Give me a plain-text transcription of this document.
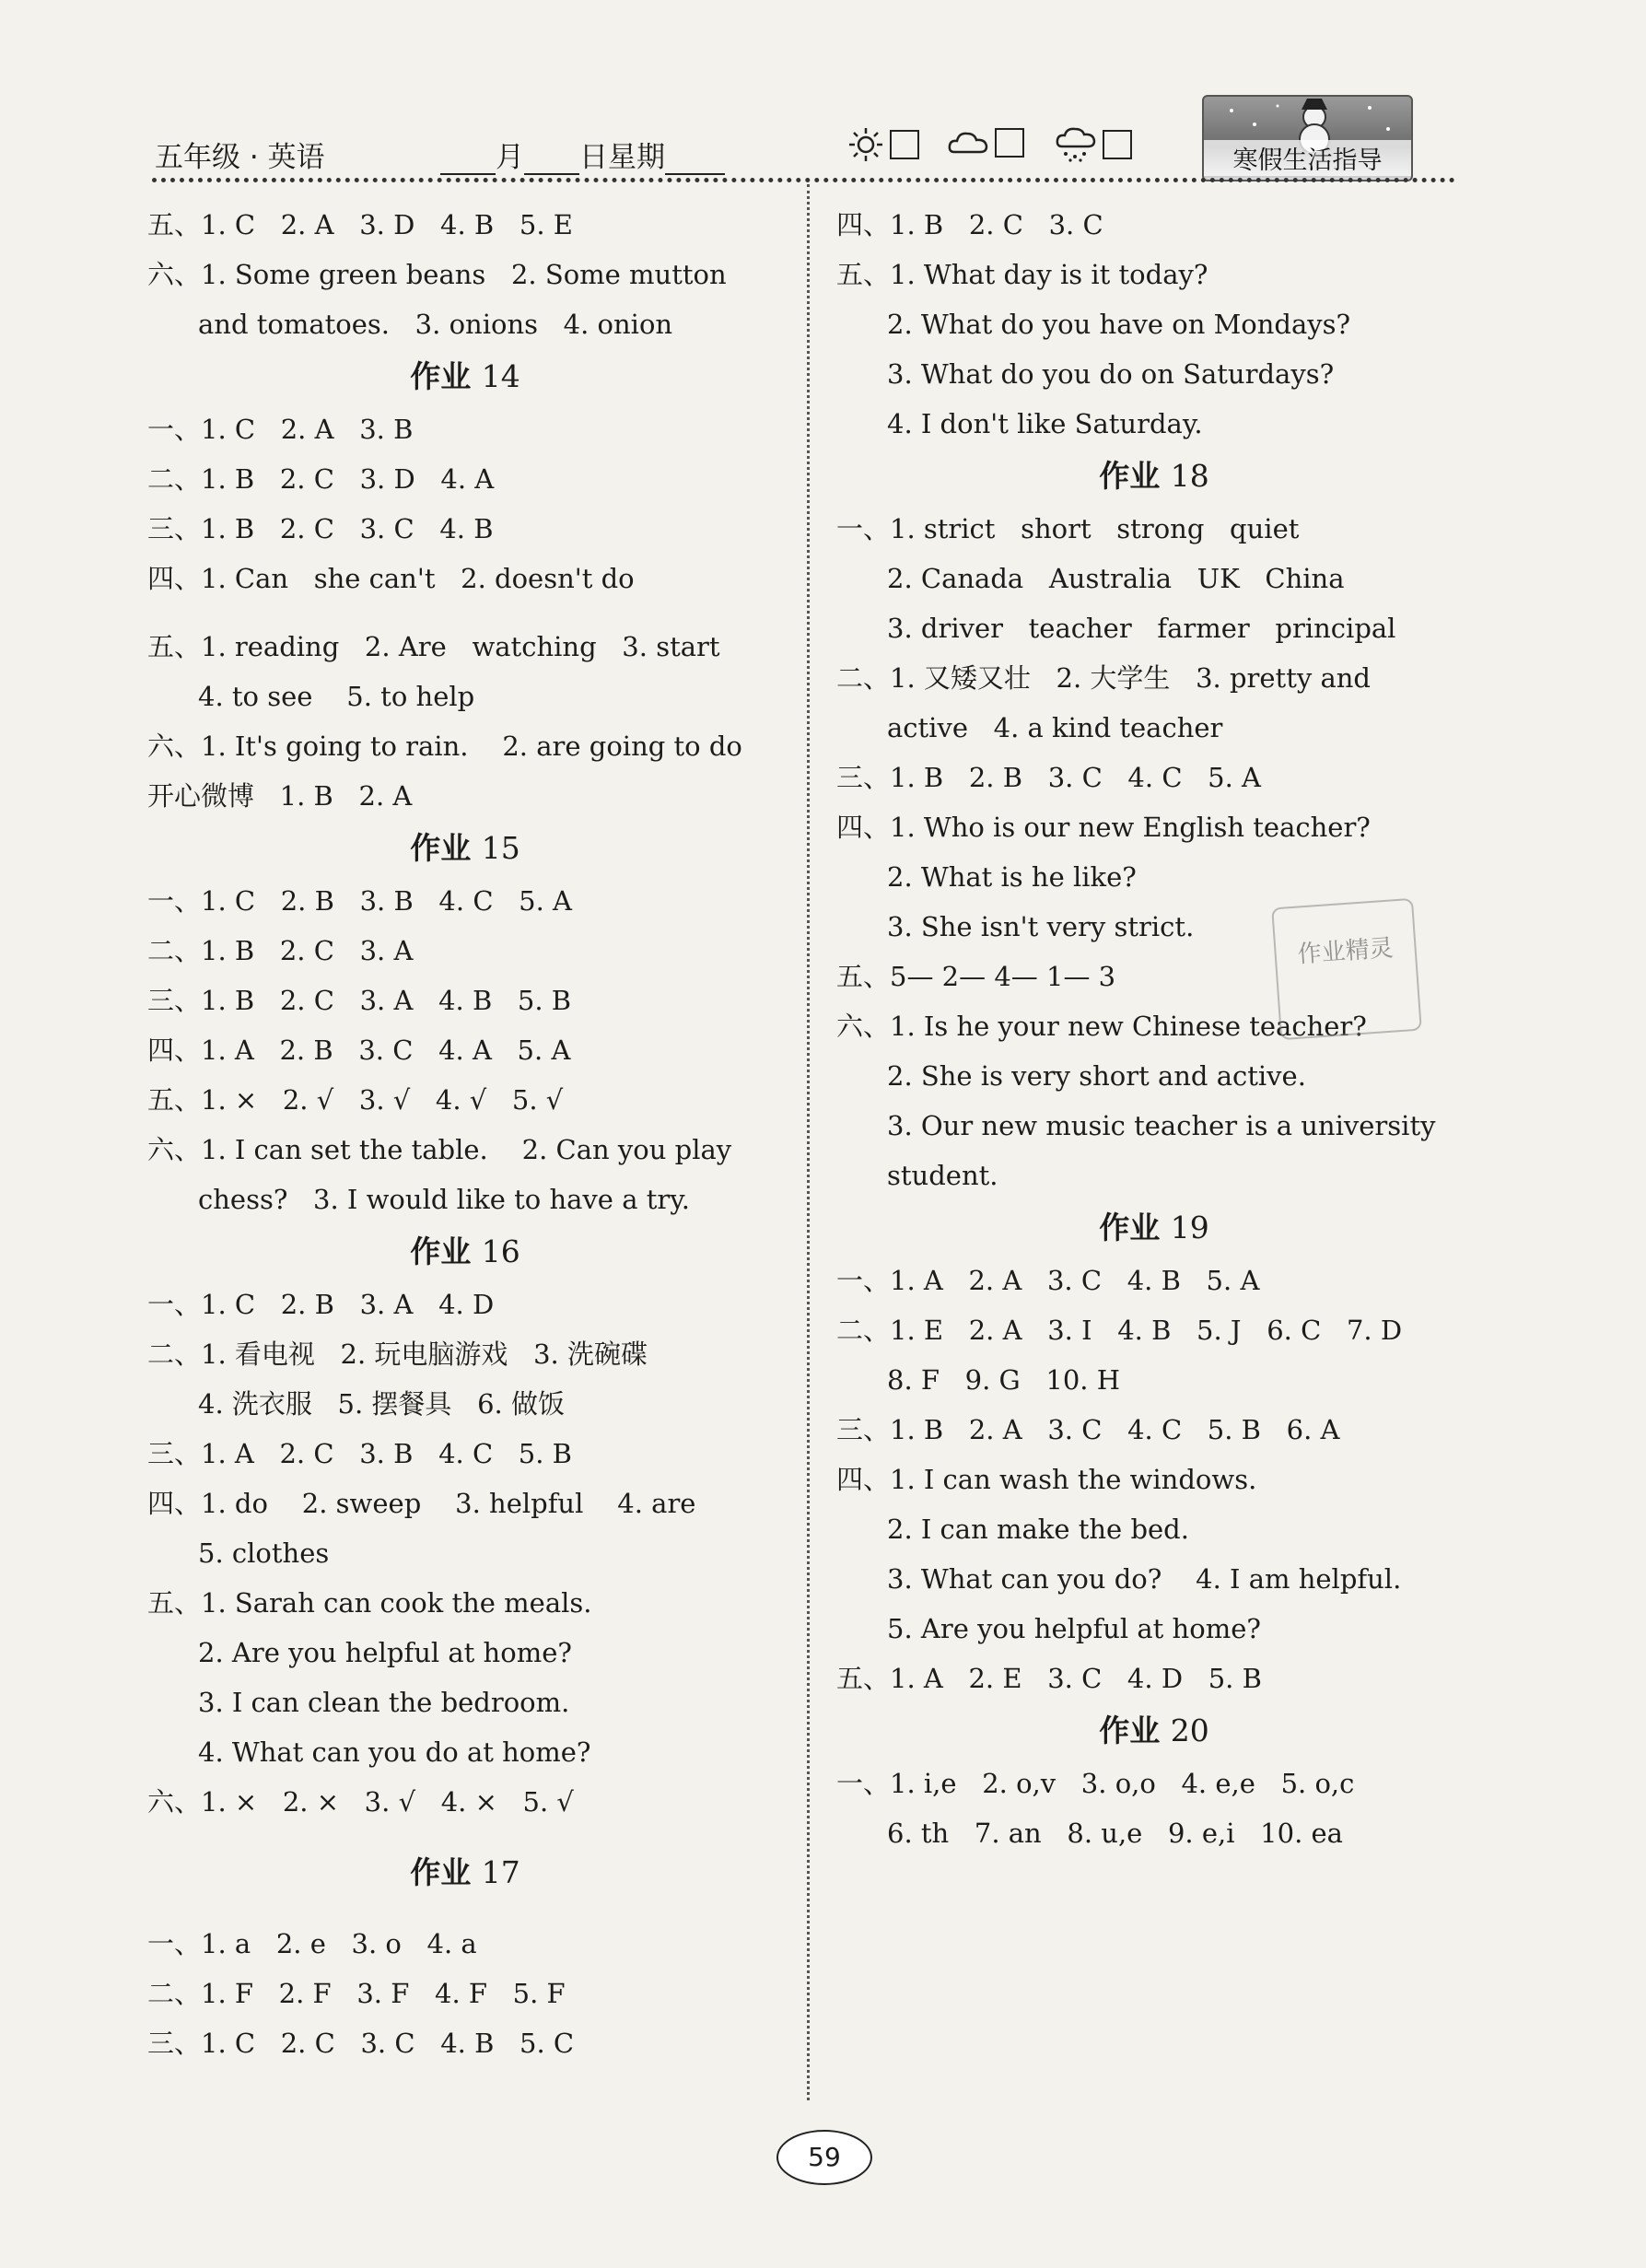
五年级 · 英语	月 日星期	寒假生活指导
五、1. C   2. A   3. D   4. B   5. E
六、1. Some green beans   2. Some mutton
and tomatoes.   3. onions   4. onion
作业 14
一、1. C   2. A   3. B
二、1. B   2. C   3. D   4. A
三、1. B   2. C   3. C   4. B
四、1. Can   she can't   2. doesn't do
五、1. reading   2. Are   watching   3. start
4. to see    5. to help
六、1. It's going to rain.    2. are going to do
开心微博   1. B   2. A
作业 15
一、1. C   2. B   3. B   4. C   5. A
二、1. B   2. C   3. A
三、1. B   2. C   3. A   4. B   5. B
四、1. A   2. B   3. C   4. A   5. A
五、1. ×   2. √   3. √   4. √   5. √
六、1. I can set the table.    2. Can you play
chess?   3. I would like to have a try.
作业 16
一、1. C   2. B   3. A   4. D
二、1. 看电视   2. 玩电脑游戏   3. 洗碗碟
4. 洗衣服   5. 摆餐具   6. 做饭
三、1. A   2. C   3. B   4. C   5. B
四、1. do    2. sweep    3. helpful    4. are
5. clothes
五、1. Sarah can cook the meals.
2. Are you helpful at home?
3. I can clean the bedroom.
4. What can you do at home?
六、1. ×   2. ×   3. √   4. ×   5. √
作业 17
一、1. a   2. e   3. o   4. a
二、1. F   2. F   3. F   4. F   5. F
三、1. C   2. C   3. C   4. B   5. C
四、1. B   2. C   3. C
五、1. What day is it today?
2. What do you have on Mondays?
3. What do you do on Saturdays?
4. I don't like Saturday.
作业 18
一、1. strict   short   strong   quiet
2. Canada   Australia   UK   China
3. driver   teacher   farmer   principal
二、1. 又矮又壮   2. 大学生   3. pretty and
active   4. a kind teacher
三、1. B   2. B   3. C   4. C   5. A
四、1. Who is our new English teacher?
2. What is he like?
3. She isn't very strict.
五、5— 2— 4— 1— 3
六、1. Is he your new Chinese teacher?
2. She is very short and active.
3. Our new music teacher is a university
student.
作业 19
一、1. A   2. A   3. C   4. B   5. A
二、1. E   2. A   3. I   4. B   5. J   6. C   7. D
8. F   9. G   10. H
三、1. B   2. A   3. C   4. C   5. B   6. A
四、1. I can wash the windows.
2. I can make the bed.
3. What can you do?    4. I am helpful.
5. Are you helpful at home?
五、1. A   2. E   3. C   4. D   5. B
作业 20
一、1. i,e   2. o,v   3. o,o   4. e,e   5. o,c
6. th   7. an   8. u,e   9. e,i   10. ea
作业精灵
59
